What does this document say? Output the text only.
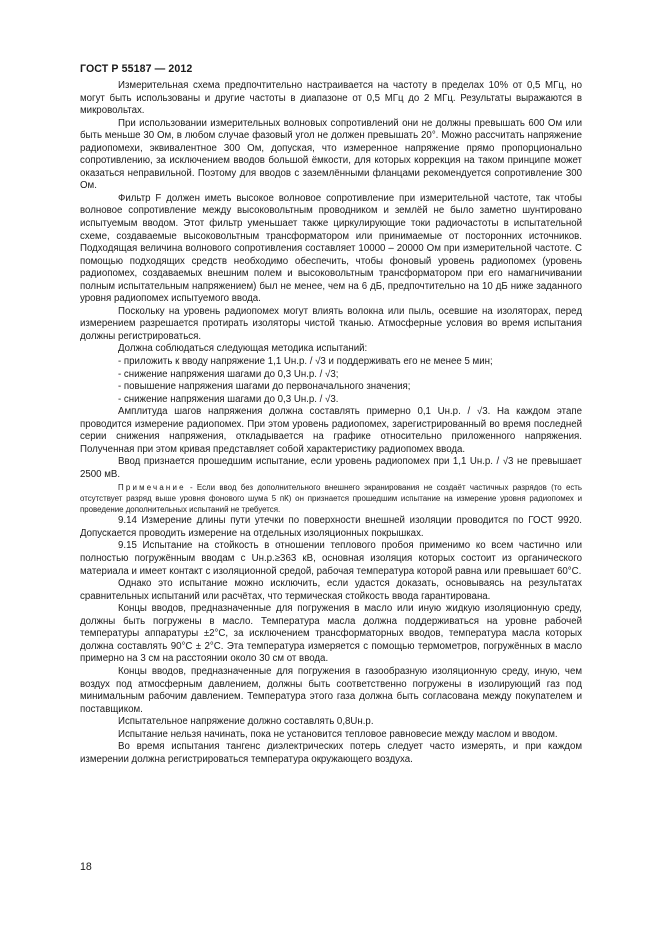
ГОСТ Р 55187 — 2012

Измерительная схема предпочтительно настраивается на частоту в пределах 10% от 0,5 МГц, но могут быть использованы и другие частоты в диапазоне от 0,5 МГц до 2 МГц. Результаты выражаются в микровольтах.

При использовании измерительных волновых сопротивлений они не должны превышать 600 Ом или быть меньше 30 Ом, в любом случае фазовый угол не должен превышать 20°. Можно рассчитать напряжение радиопомехи, эквивалентное 300 Ом, допуская, что измеренное напряжение прямо пропорционально сопротивлению, за исключением вводов большой ёмкости, для которых коррекция на таком принципе может оказаться неправильной. Поэтому для вводов с заземлёнными фланцами рекомендуется сопротивление 300 Ом.

Фильтр F должен иметь высокое волновое сопротивление при измерительной частоте, так чтобы волновое сопротивление между высоковольтным проводником и землёй не было заметно шунтировано испытуемым вводом. Этот фильтр уменьшает также циркулирующие токи радиочастоты в испытательной схеме, создаваемые высоковольтным трансформатором или принимаемые от посторонних источников. Подходящая величина волнового сопротивления составляет 10000 – 20000 Ом при измерительной частоте. С помощью подходящих средств необходимо обеспечить, чтобы фоновый уровень радиопомех (уровень радиопомех, создаваемых внешним полем и высоковольтным трансформатором при его намагничивании полным испытательным напряжением) был не менее, чем на 6 дБ, предпочтительно на 10 дБ ниже заданного уровня радиопомех испытуемого ввода.

Поскольку на уровень радиопомех могут влиять волокна или пыль, осевшие на изоляторах, перед измерением разрешается протирать изоляторы чистой тканью. Атмосферные условия во время испытания должны регистрироваться.

Должна соблюдаться следующая методика испытаний:

- приложить к вводу напряжение 1,1 Uн.р. / √3 и поддерживать его не менее 5 мин;

- снижение напряжения шагами до 0,3 Uн.р. / √3;

- повышение напряжения шагами до первоначального значения;

- снижение напряжения шагами до 0,3 Uн.р. / √3.

Амплитуда шагов напряжения должна составлять примерно 0,1 Uн.р. / √3. На каждом этапе проводится измерение радиопомех. При этом уровень радиопомех, зарегистрированный во время последней серии снижения напряжения, откладывается на графике относительно приложенного напряжения. Полученная при этом кривая представляет собой характеристику радиопомех ввода.

Ввод признается прошедшим испытание, если уровень радиопомех при 1,1 Uн.р. / √3 не превышает 2500 мВ.

Примечание - Если ввод без дополнительного внешнего экранирования не создаёт частичных разрядов (то есть отсутствует разряд выше уровня фонового шума 5 пК) он признается прошедшим испытание на измерение уровня радиопомех и проведение дополнительных испытаний не требуется.

9.14 Измерение длины пути утечки по поверхности внешней изоляции проводится по ГОСТ 9920. Допускается проводить измерение на отдельных изоляционных покрышках.

9.15 Испытание на стойкость в отношении теплового пробоя применимо ко всем частично или полностью погружённым вводам с Uн.р.≥363 кВ, основная изоляция которых состоит из органического материала и имеет контакт с изоляционной средой, рабочая температура которой равна или превышает 60°С.

Однако это испытание можно исключить, если удастся доказать, основываясь на результатах сравнительных испытаний или расчётах, что термическая стойкость ввода гарантирована.

Концы вводов, предназначенные для погружения в масло или иную жидкую изоляционную среду, должны быть погружены в масло. Температура масла должна поддерживаться на уровне рабочей температуры аппаратуры ±2°С, за исключением трансформаторных вводов, температура масла которых должна составлять 90°С ± 2°С. Эта температура измеряется с помощью термометров, погружённых в масло примерно на 3 см на расстоянии около 30 см от ввода.

Концы вводов, предназначенные для погружения в газообразную изоляционную среду, иную, чем воздух под атмосферным давлением, должны быть соответственно погружены в изолирующий газ под минимальным рабочим давлением. Температура этого газа должна быть согласована между покупателем и поставщиком.

Испытательное напряжение должно составлять 0,8Uн.р.

Испытание нельзя начинать, пока не установится тепловое равновесие между маслом и вводом.

Во время испытания тангенс диэлектрических потерь следует часто измерять, и при каждом измерении должна регистрироваться температура окружающего воздуха.

18
